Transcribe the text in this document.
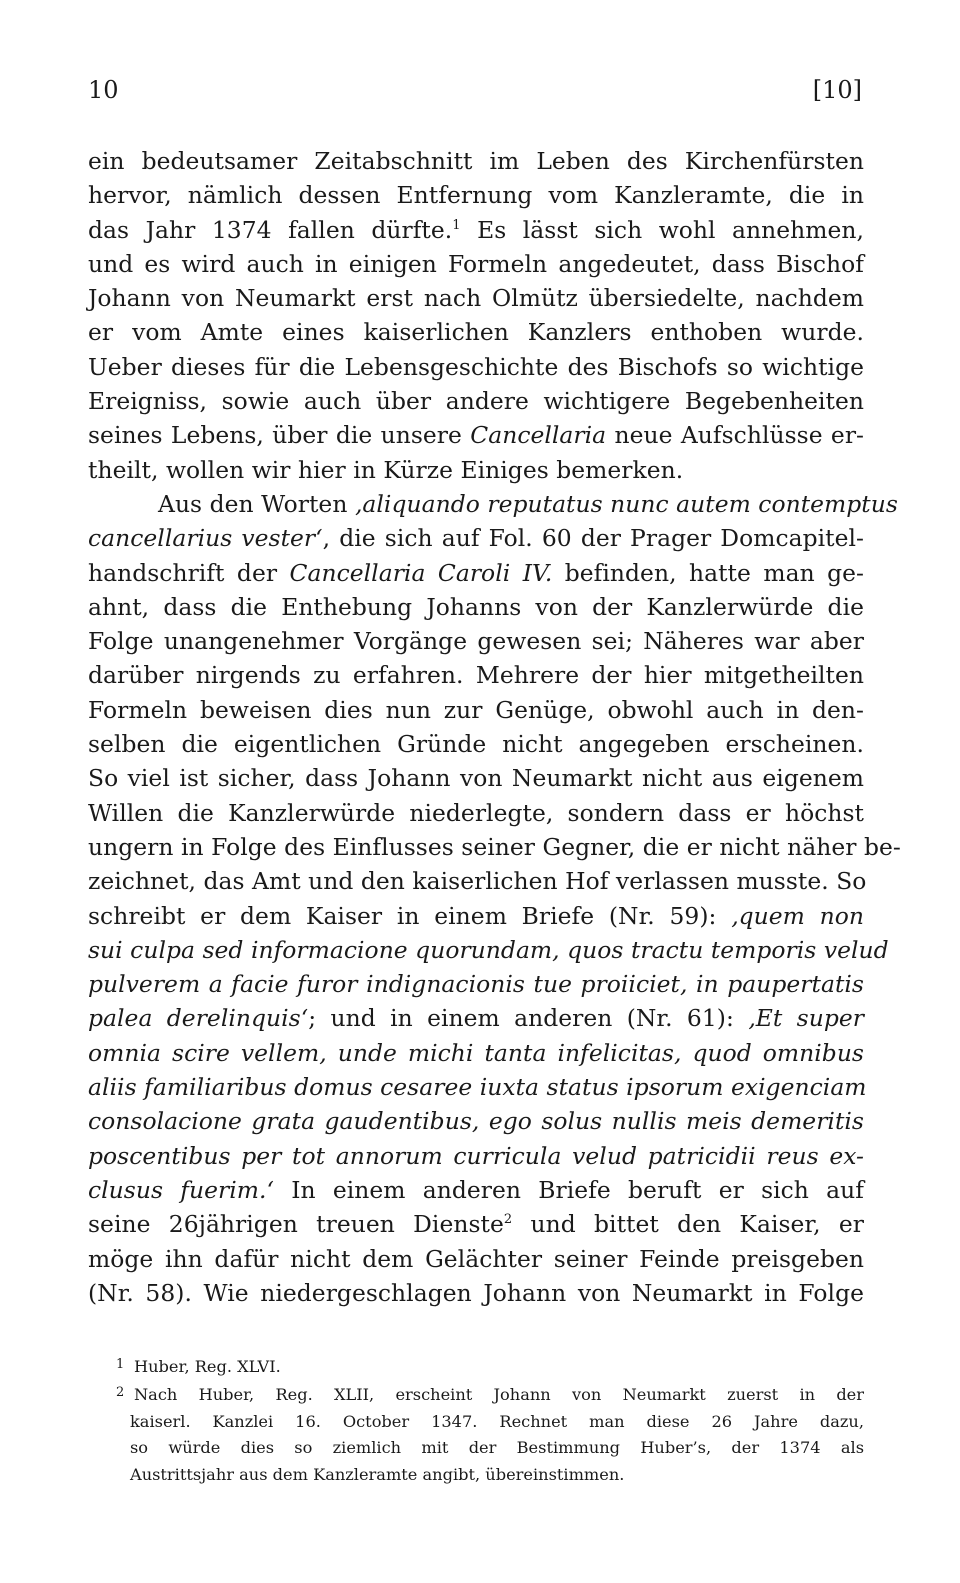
10	[10]
ein bedeutsamer Zeitabschnitt im Leben des Kirchenfürsten
hervor, nämlich dessen Entfernung vom Kanzleramte, die in
das Jahr 1374 fallen dürfte.$^1$ Es lässt sich wohl annehmen,
und es wird auch in einigen Formeln angedeutet, dass Bischof
Johann von Neumarkt erst nach Olmütz übersiedelte, nachdem
er vom Amte eines kaiserlichen Kanzlers enthoben wurde.
Ueber dieses für die Lebensgeschichte des Bischofs so wichtige
Ereigniss, sowie auch über andere wichtigere Begebenheiten
seines Lebens, über die unsere Cancellaria neue Aufschlüsse er-
theilt, wollen wir hier in Kürze Einiges bemerken.
Aus den Worten ‚aliquando reputatus nunc autem contemptus
cancellarius vester‘, die sich auf Fol. 60 der Prager Domcapitel-
handschrift der Cancellaria Caroli IV. befinden, hatte man ge-
ahnt, dass die Enthebung Johanns von der Kanzlerwürde die
Folge unangenehmer Vorgänge gewesen sei; Näheres war aber
darüber nirgends zu erfahren. Mehrere der hier mitgetheilten
Formeln beweisen dies nun zur Genüge, obwohl auch in den-
selben die eigentlichen Gründe nicht angegeben erscheinen.
So viel ist sicher, dass Johann von Neumarkt nicht aus eigenem
Willen die Kanzlerwürde niederlegte, sondern dass er höchst
ungern in Folge des Einflusses seiner Gegner, die er nicht näher be-
zeichnet, das Amt und den kaiserlichen Hof verlassen musste. So
schreibt er dem Kaiser in einem Briefe (Nr. 59): ‚quem non
sui culpa sed informacione quorundam, quos tractu temporis velud
pulverem a facie furor indignacionis tue proiiciet, in paupertatis
palea derelinquis‘; und in einem anderen (Nr. 61): ‚Et super
omnia scire vellem, unde michi tanta infelicitas, quod omnibus
aliis familiaribus domus cesaree iuxta status ipsorum exigenciam
consolacione grata gaudentibus, ego solus nullis meis demeritis
poscentibus per tot annorum curricula velud patricidii reus ex-
clusus fuerim.‘ In einem anderen Briefe beruft er sich auf
seine 26jährigen treuen Dienste$^2$ und bittet den Kaiser, er
möge ihn dafür nicht dem Gelächter seiner Feinde preisgeben
(Nr. 58). Wie niedergeschlagen Johann von Neumarkt in Folge
1 Huber, Reg. XLVI.
2 Nach Huber, Reg. XLII, erscheint Johann von Neumarkt zuerst in der
kaiserl. Kanzlei 16. October 1347. Rechnet man diese 26 Jahre dazu,
so würde dies so ziemlich mit der Bestimmung Huber’s, der 1374 als
Austrittsjahr aus dem Kanzleramte angibt, übereinstimmen.
